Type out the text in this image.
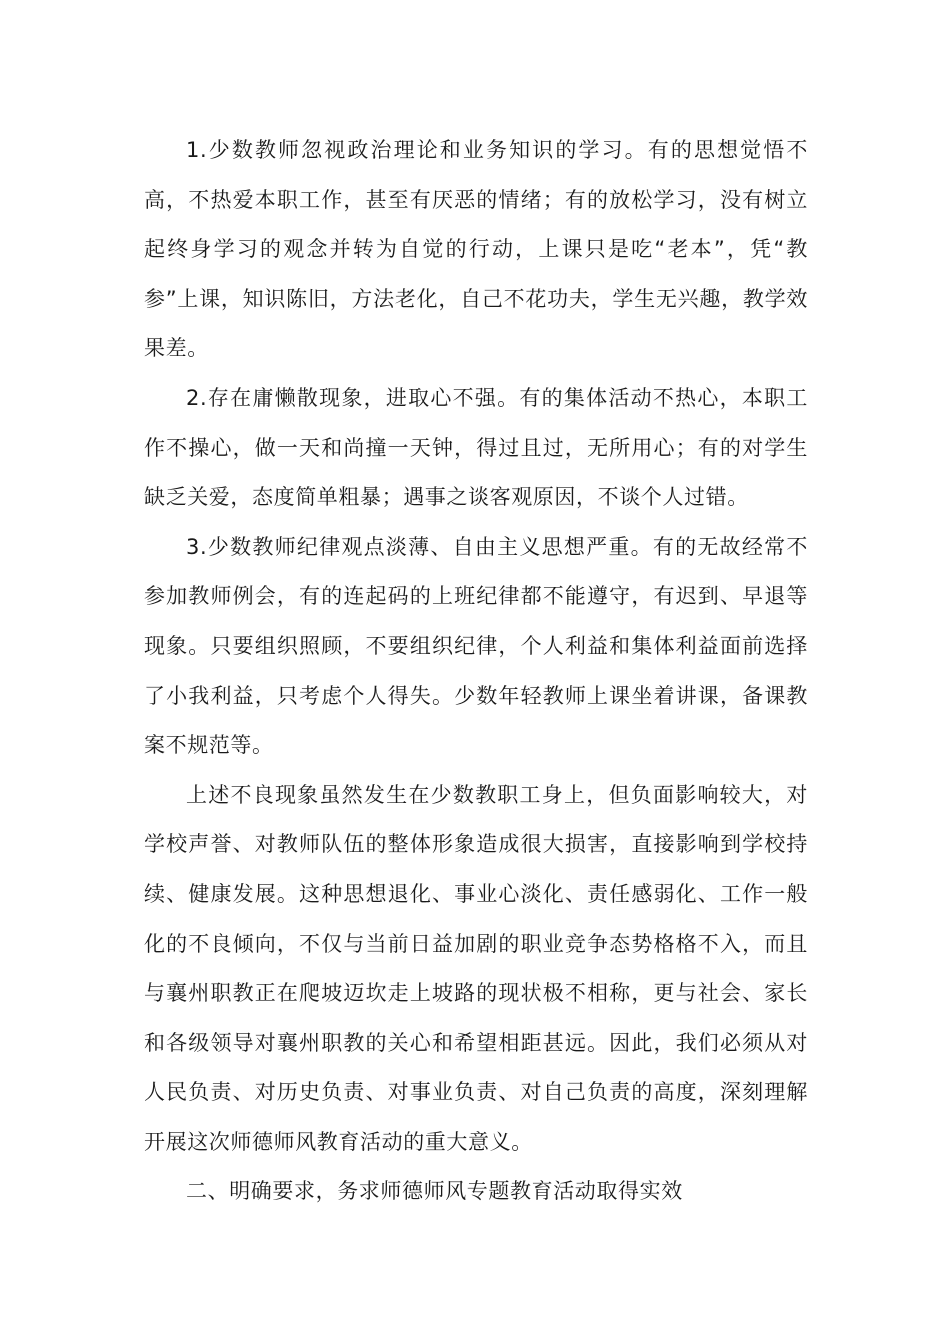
1.少数教师忽视政治理论和业务知识的学习。有的思想觉悟不高，不热爱本职工作，甚至有厌恶的情绪；有的放松学习，没有树立起终身学习的观念并转为自觉的行动，上课只是吃“老本”，凭“教参”上课，知识陈旧，方法老化，自己不花功夫，学生无兴趣，教学效果差。

2.存在庸懒散现象，进取心不强。有的集体活动不热心，本职工作不操心，做一天和尚撞一天钟，得过且过，无所用心；有的对学生缺乏关爱，态度简单粗暴；遇事之谈客观原因，不谈个人过错。

3.少数教师纪律观点淡薄、自由主义思想严重。有的无故经常不参加教师例会，有的连起码的上班纪律都不能遵守，有迟到、早退等现象。只要组织照顾，不要组织纪律，个人利益和集体利益面前选择了小我利益，只考虑个人得失。少数年轻教师上课坐着讲课，备课教案不规范等。

上述不良现象虽然发生在少数教职工身上，但负面影响较大，对学校声誉、对教师队伍的整体形象造成很大损害，直接影响到学校持续、健康发展。这种思想退化、事业心淡化、责任感弱化、工作一般化的不良倾向，不仅与当前日益加剧的职业竞争态势格格不入，而且与襄州职教正在爬坡迈坎走上坡路的现状极不相称，更与社会、家长和各级领导对襄州职教的关心和希望相距甚远。因此，我们必须从对人民负责、对历史负责、对事业负责、对自己负责的高度，深刻理解开展这次师德师风教育活动的重大意义。

二、明确要求，务求师德师风专题教育活动取得实效
